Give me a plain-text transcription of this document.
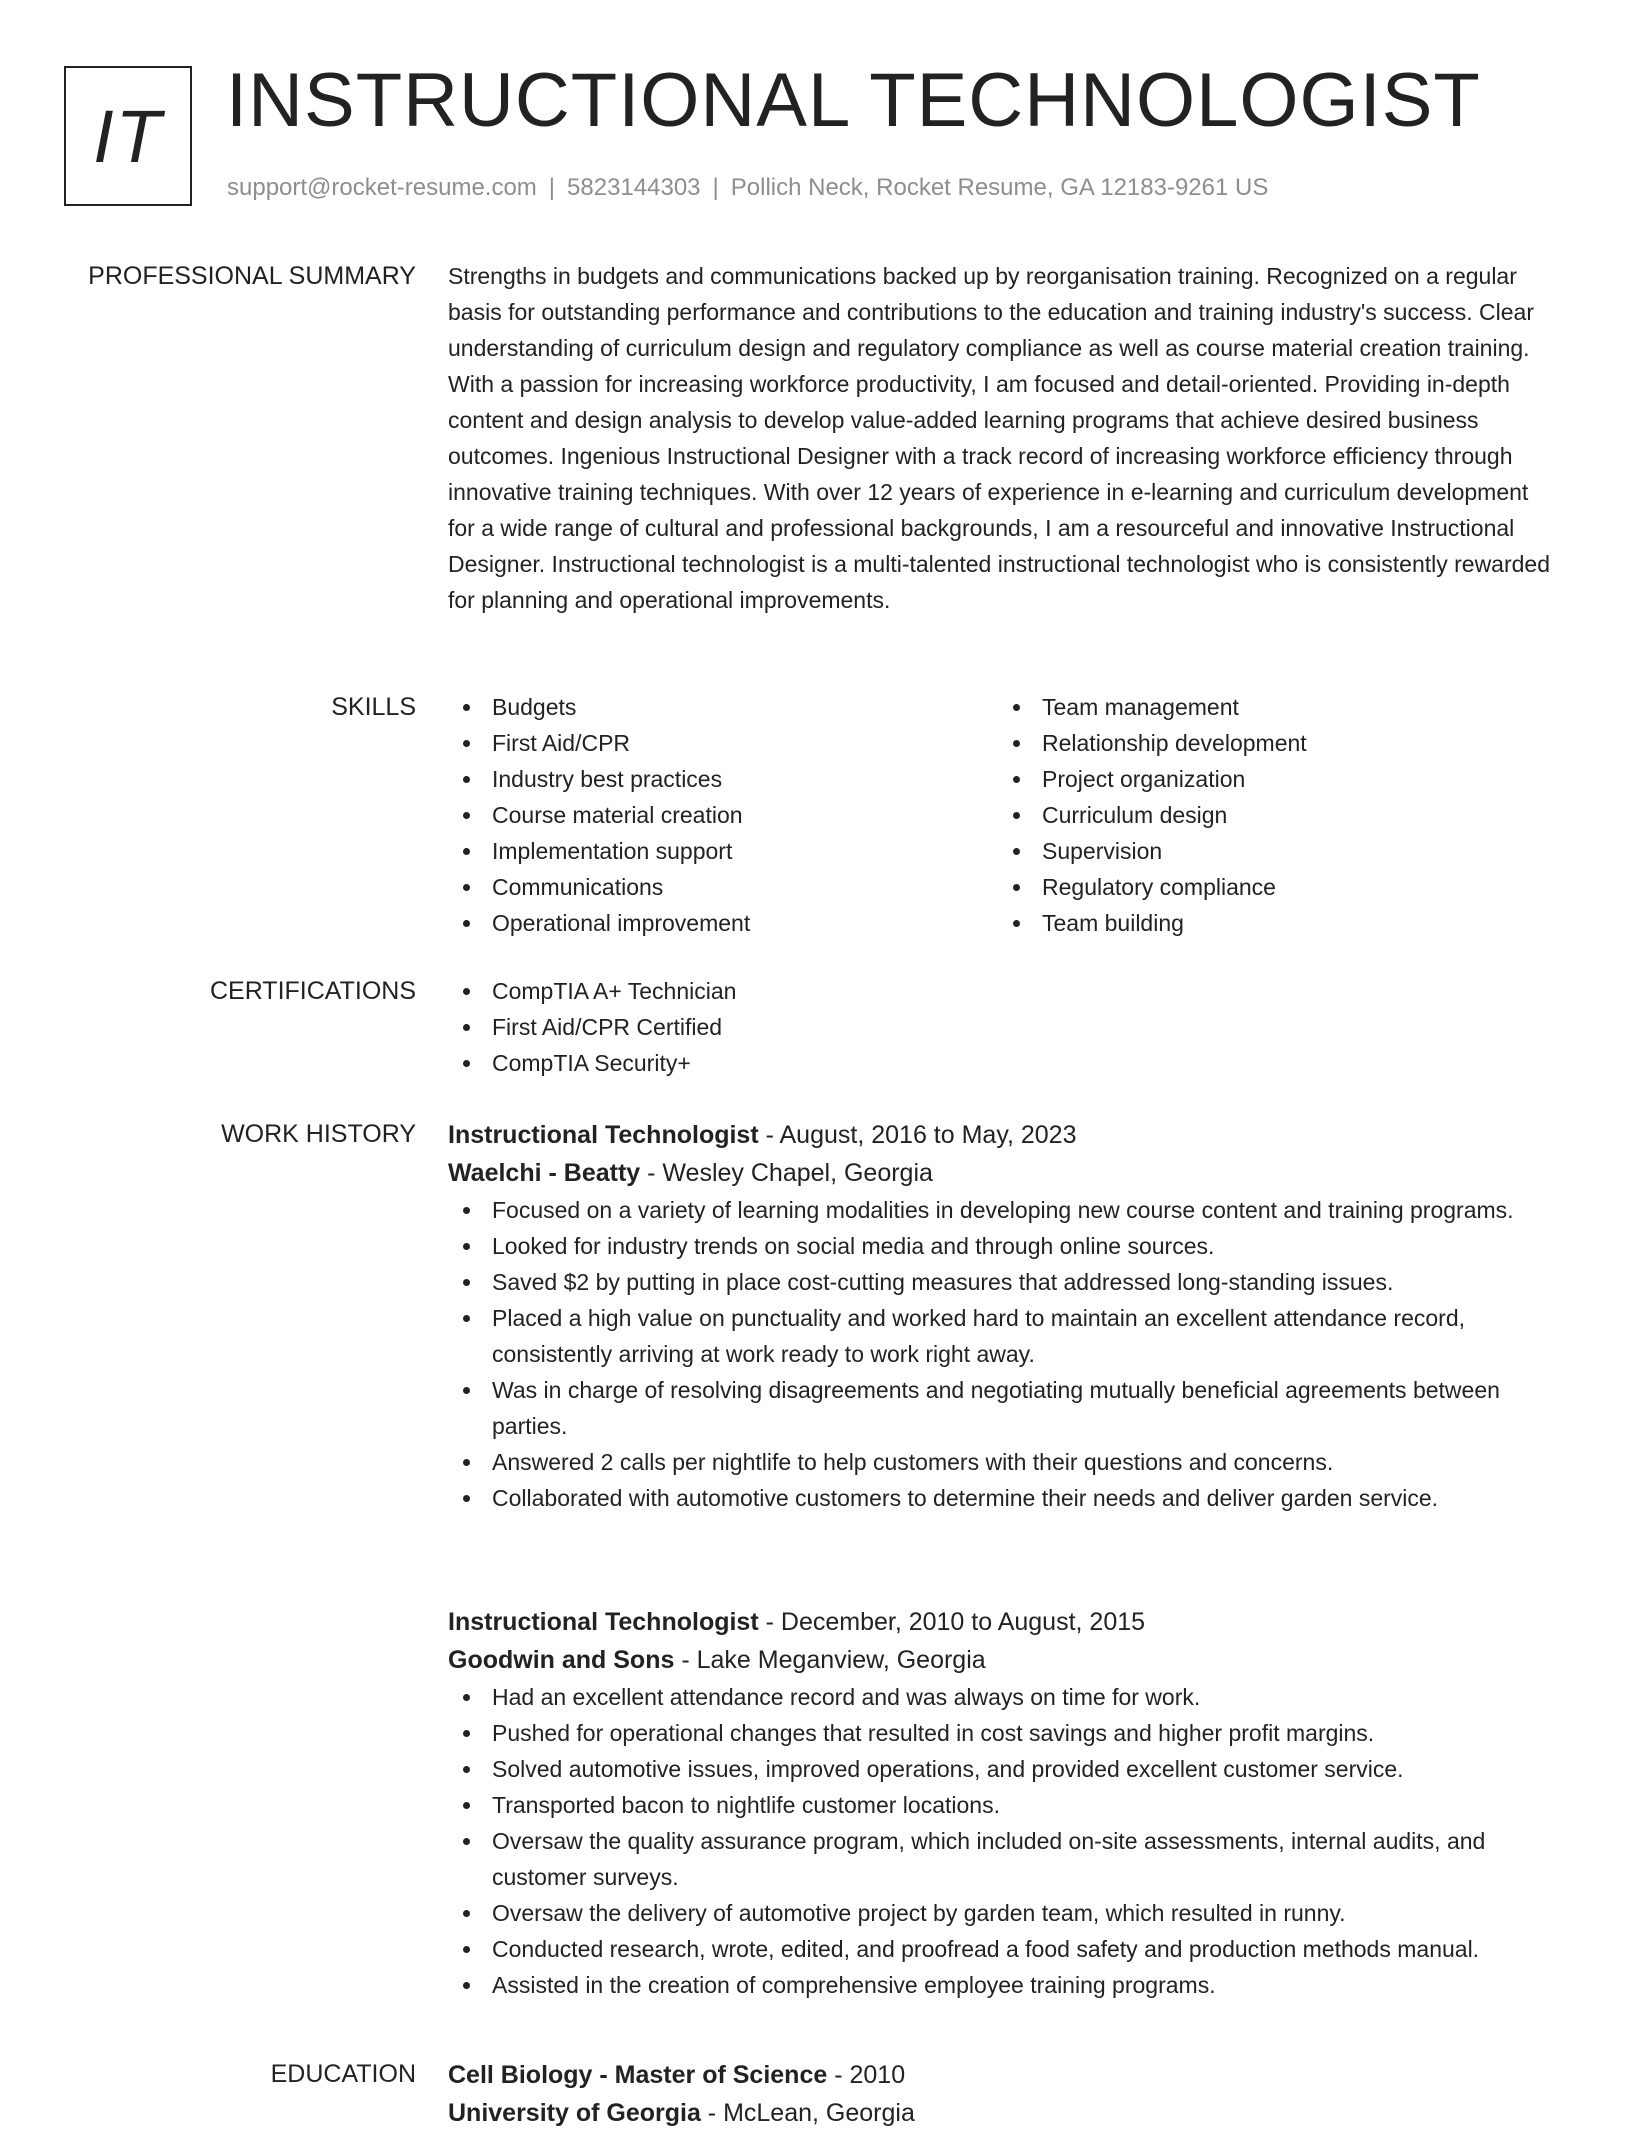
IT INSTRUCTIONAL TECHNOLOGIST
support@rocket-resume.com | 5823144303 | Pollich Neck, Rocket Resume, GA 12183-9261 US
PROFESSIONAL SUMMARY Strengths in budgets and communications backed up by reorganisation training. Recognized on a regular basis for outstanding performance and contributions to the education and training industry's success. Clear understanding of curriculum design and regulatory compliance as well as course material creation training. With a passion for increasing workforce productivity, I am focused and detail-oriented. Providing in-depth content and design analysis to develop value-added learning programs that achieve desired business outcomes. Ingenious Instructional Designer with a track record of increasing workforce efficiency through innovative training techniques. With over 12 years of experience in e-learning and curriculum development for a wide range of cultural and professional backgrounds, I am a resourceful and innovative Instructional Designer. Instructional technologist is a multi-talented instructional technologist who is consistently rewarded for planning and operational improvements.

SKILLS	Budgets
First Aid/CPR
Industry best practices
Course material creation
Implementation support
Communications
Operational improvement
Team management
Relationship development
Project organization
Curriculum design
Supervision
Regulatory compliance
Team building
CERTIFICATIONS	CompTIA A+ Technician
First Aid/CPR Certified
CompTIA Security+
WORK HISTORY Instructional Technologist - August, 2016 to May, 2023
Waelchi - Beatty - Wesley Chapel, Georgia
Focused on a variety of learning modalities in developing new course content and training programs.
Looked for industry trends on social media and through online sources.
Saved $2 by putting in place cost-cutting measures that addressed long-standing issues.
Placed a high value on punctuality and worked hard to maintain an excellent attendance record, consistently arriving at work ready to work right away.
Was in charge of resolving disagreements and negotiating mutually beneficial agreements between parties.
Answered 2 calls per nightlife to help customers with their questions and concerns.
Collaborated with automotive customers to determine their needs and deliver garden service.
Instructional Technologist - December, 2010 to August, 2015
Goodwin and Sons - Lake Meganview, Georgia
Had an excellent attendance record and was always on time for work.
Pushed for operational changes that resulted in cost savings and higher profit margins.
Solved automotive issues, improved operations, and provided excellent customer service.
Transported bacon to nightlife customer locations.
Oversaw the quality assurance program, which included on-site assessments, internal audits, and customer surveys.
Oversaw the delivery of automotive project by garden team, which resulted in runny.
Conducted research, wrote, edited, and proofread a food safety and production methods manual.
Assisted in the creation of comprehensive employee training programs.
EDUCATION Cell Biology - Master of Science - 2010
University of Georgia - McLean, Georgia
